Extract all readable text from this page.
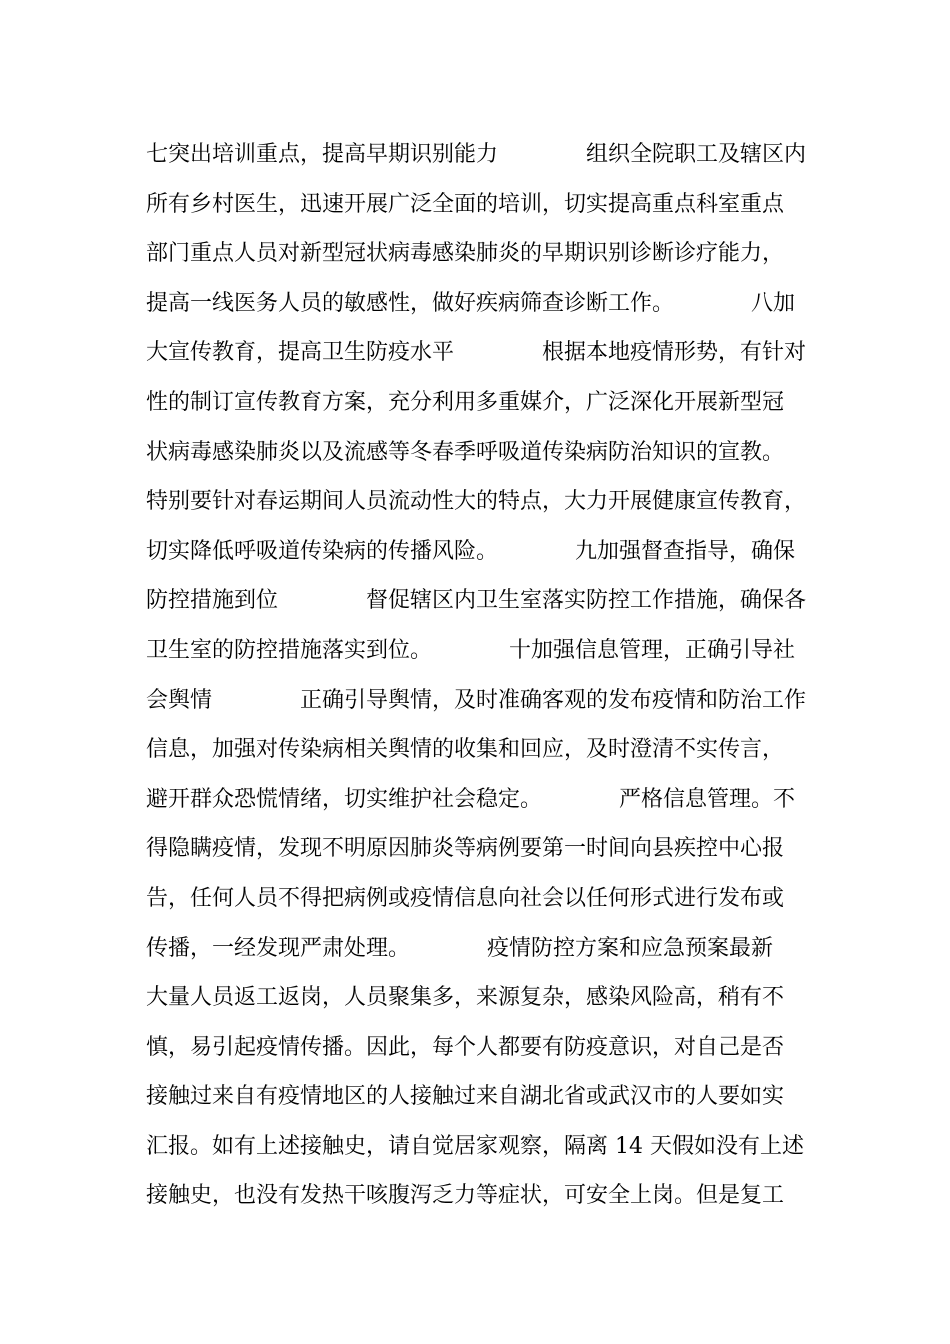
七突出培训重点，提高早期识别能力　　　　组织全院职工及辖区内
所有乡村医生，迅速开展广泛全面的培训，切实提高重点科室重点
部门重点人员对新型冠状病毒感染肺炎的早期识别诊断诊疗能力，
提高一线医务人员的敏感性，做好疾病筛查诊断工作。　　　　八加
大宣传教育，提高卫生防疫水平　　　　根据本地疫情形势，有针对
性的制订宣传教育方案，充分利用多重媒介，广泛深化开展新型冠
状病毒感染肺炎以及流感等冬春季呼吸道传染病防治知识的宣教。
特别要针对春运期间人员流动性大的特点，大力开展健康宣传教育，
切实降低呼吸道传染病的传播风险。　　　　九加强督查指导，确保
防控措施到位　　　　督促辖区内卫生室落实防控工作措施，确保各
卫生室的防控措施落实到位。　　　　十加强信息管理，正确引导社
会舆情　　　　正确引导舆情，及时准确客观的发布疫情和防治工作
信息，加强对传染病相关舆情的收集和回应，及时澄清不实传言，
避开群众恐慌情绪，切实维护社会稳定。　　　　严格信息管理。不
得隐瞒疫情，发现不明原因肺炎等病例要第一时间向县疾控中心报
告，任何人员不得把病例或疫情信息向社会以任何形式进行发布或
传播，一经发现严肃处理。　　　　疫情防控方案和应急预案最新
大量人员返工返岗，人员聚集多，来源复杂，感染风险高，稍有不
慎，易引起疫情传播。因此，每个人都要有防疫意识，对自己是否
接触过来自有疫情地区的人接触过来自湖北省或武汉市的人要如实
汇报。如有上述接触史，请自觉居家观察，隔离 14 天假如没有上述
接触史，也没有发热干咳腹泻乏力等症状，可安全上岗。但是复工
